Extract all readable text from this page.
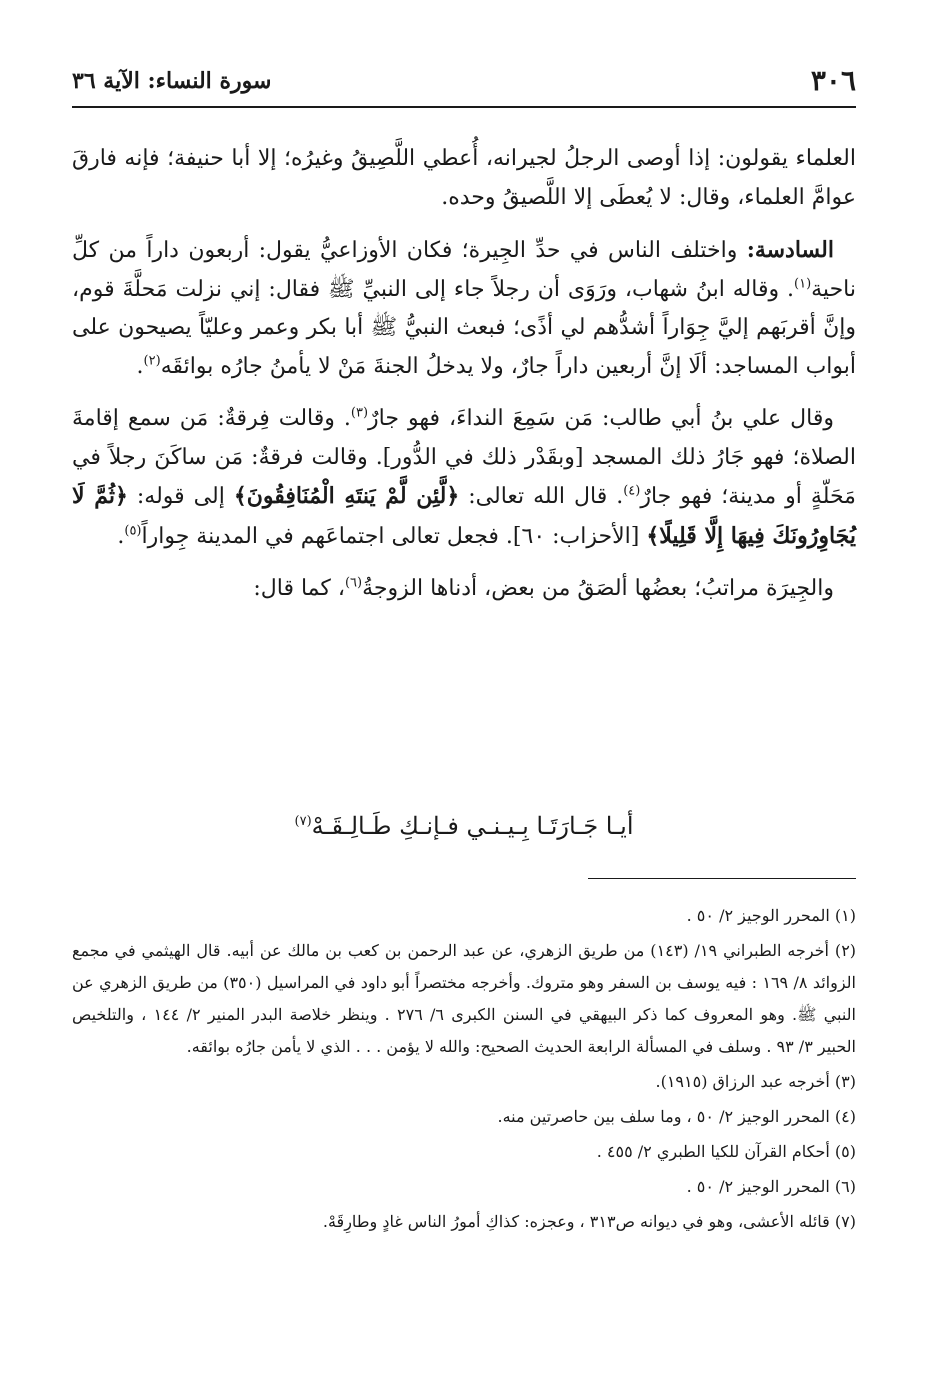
٣٠٦
سورة النساء: الآية ٣٦

العلماء يقولون: إذا أوصى الرجلُ لجيرانه، أُعطي اللَّصِيقُ وغيرُه؛ إلا أبا حنيفة؛ فإنه فارقَ عوامَّ العلماء، وقال: لا يُعطَى إلا اللَّصيقُ وحده.

السادسة: واختلف الناس في حدِّ الجِيرة؛ فكان الأوزاعيُّ يقول: أربعون داراً من كلِّ ناحية$^{(١)}$. وقاله ابنُ شهاب، ورَوَى أن رجلاً جاء إلى النبيِّ ﷺ فقال: إني نزلت مَحلَّةَ قوم، وإنَّ أقربَهم إليَّ جِوَاراً أشدُّهم لي أذًى؛ فبعث النبيُّ ﷺ أبا بكر وعمر وعليّاً يصيحون على أبواب المساجد: ألَا إنَّ أربعين داراً جارٌ، ولا يدخلُ الجنةَ مَنْ لا يأمنُ جارُه بوائقَه$^{(٢)}$.

وقال علي بنُ أبي طالب: مَن سَمِعَ النداءَ، فهو جارٌ$^{(٣)}$. وقالت فِرقةٌ: مَن سمع إقامةَ الصلاة؛ فهو جَارُ ذلك المسجد [وبقَدْر ذلك في الدُّور]. وقالت فرقةٌ: مَن ساكَنَ رجلاً في مَحَلّةٍ أو مدينة؛ فهو جارٌ$^{(٤)}$. قال الله تعالى: ﴿لَّئِن لَّمْ يَنتَهِ الْمُنَافِقُونَ﴾ إلى قوله: ﴿ثُمَّ لَا يُجَاوِرُونَكَ فِيهَا إِلَّا قَلِيلًا﴾ [الأحزاب: ٦٠]. فجعل تعالى اجتماعَهم في المدينة جِواراً$^{(٥)}$.

والجِيرَة مراتبُ؛ بعضُها ألصَقُ من بعض، أدناها الزوجةُ$^{(٦)}$، كما قال:

أيـا جَـارَتَـا بِـيـنـي فـإنـكِ طَـالِـقَـهْ$^{(٧)}$

(١) المحرر الوجيز ٢/ ٥٠ .

(٢) أخرجه الطبراني ١٩/ (١٤٣) من طريق الزهري، عن عبد الرحمن بن كعب بن مالك عن أبيه. قال الهيثمي في مجمع الزوائد ٨/ ١٦٩ : فيه يوسف بن السفر وهو متروك. وأخرجه مختصراً أبو داود في المراسيل (٣٥٠) من طريق الزهري عن النبي ﷺ. وهو المعروف كما ذكر البيهقي في السنن الكبرى ٦/ ٢٧٦ . وينظر خلاصة البدر المنير ٢/ ١٤٤ ، والتلخيص الحبير ٣/ ٩٣ . وسلف في المسألة الرابعة الحديث الصحيح: والله لا يؤمن . . . الذي لا يأمن جارُه بوائقه.

(٣) أخرجه عبد الرزاق (١٩١٥).

(٤) المحرر الوجيز ٢/ ٥٠ ، وما سلف بين حاصرتين منه.

(٥) أحكام القرآن للكيا الطبري ٢/ ٤٥٥ .

(٦) المحرر الوجيز ٢/ ٥٠ .

(٧) قائله الأعشى، وهو في ديوانه ص٣١٣ ، وعجزه: كذاكِ أمورُ الناس غادٍ وطارِقَهْ.
